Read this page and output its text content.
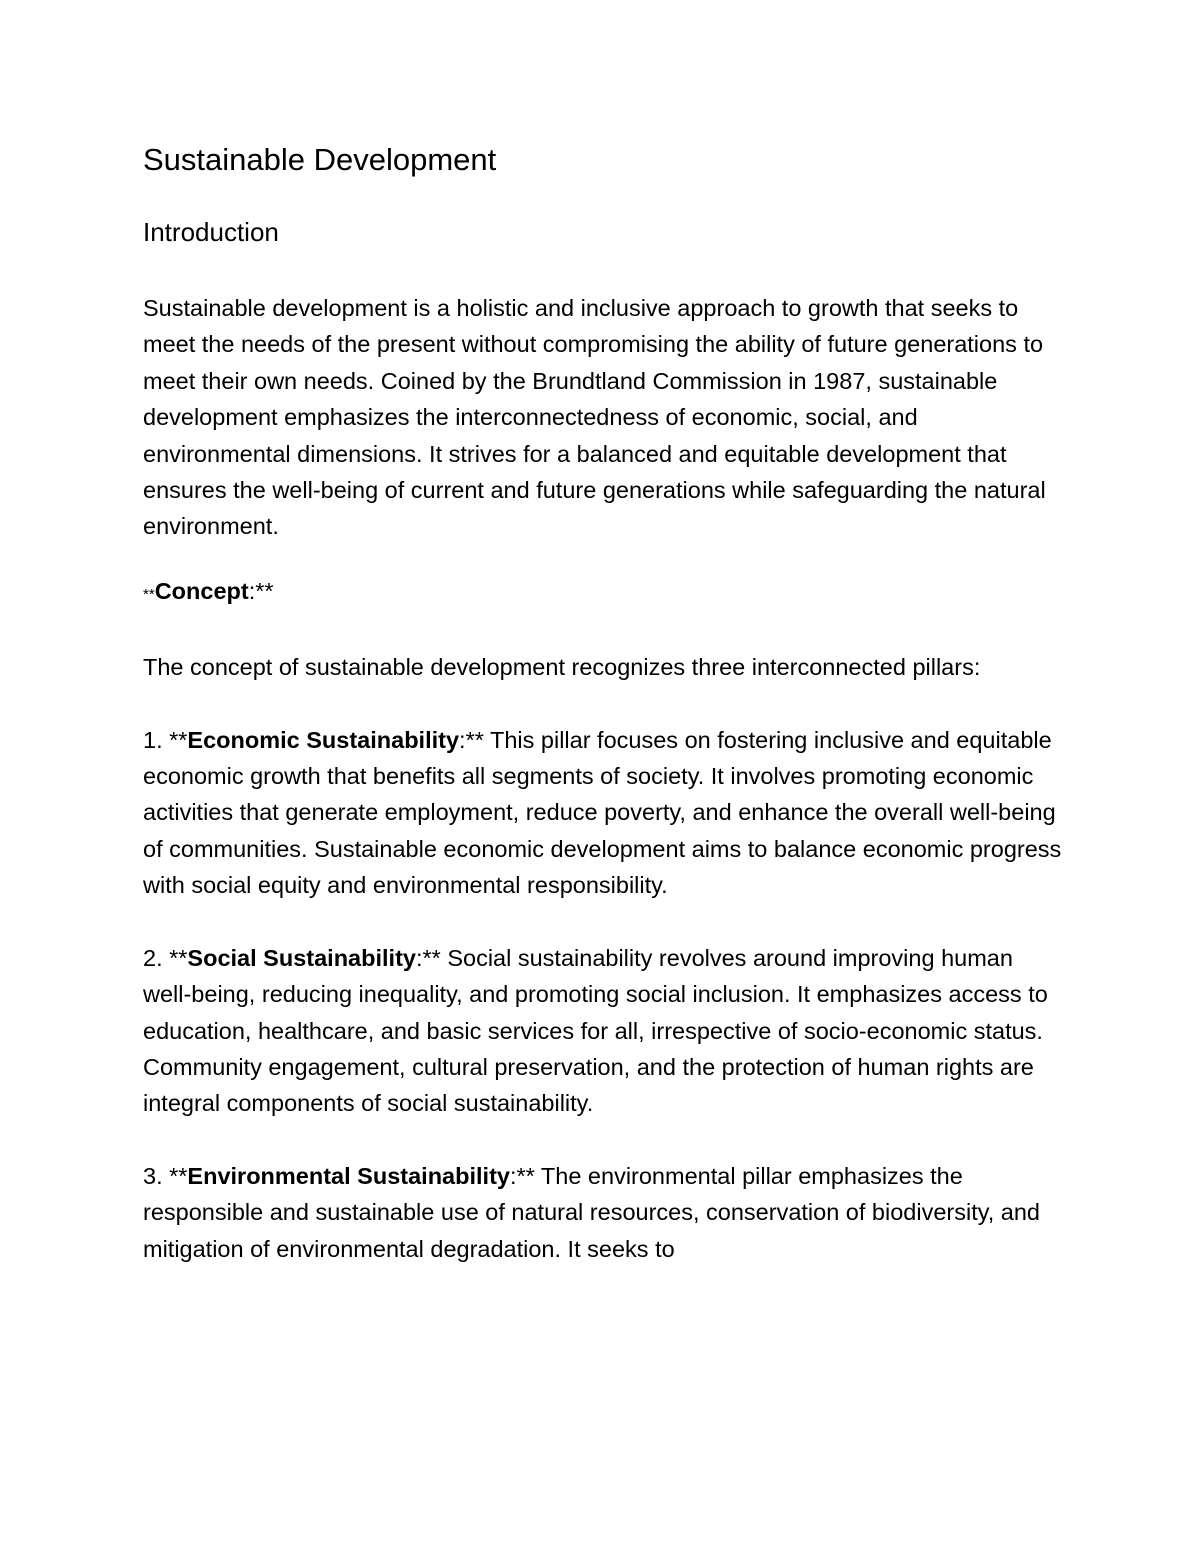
Sustainable Development
Introduction

Sustainable development is a holistic and inclusive approach to growth that seeks to meet the needs of the present without compromising the ability of future generations to meet their own needs. Coined by the Brundtland Commission in 1987, sustainable development emphasizes the interconnectedness of economic, social, and environmental dimensions. It strives for a balanced and equitable development that ensures the well-being of current and future generations while safeguarding the natural environment.

**Concept:**

The concept of sustainable development recognizes three interconnected pillars:

1. **Economic Sustainability:** This pillar focuses on fostering inclusive and equitable economic growth that benefits all segments of society. It involves promoting economic activities that generate employment, reduce poverty, and enhance the overall well-being of communities. Sustainable economic development aims to balance economic progress with social equity and environmental responsibility.

2. **Social Sustainability:** Social sustainability revolves around improving human well-being, reducing inequality, and promoting social inclusion. It emphasizes access to education, healthcare, and basic services for all, irrespective of socio-economic status. Community engagement, cultural preservation, and the protection of human rights are integral components of social sustainability.

3. **Environmental Sustainability:** The environmental pillar emphasizes the responsible and sustainable use of natural resources, conservation of biodiversity, and mitigation of environmental degradation. It seeks to
